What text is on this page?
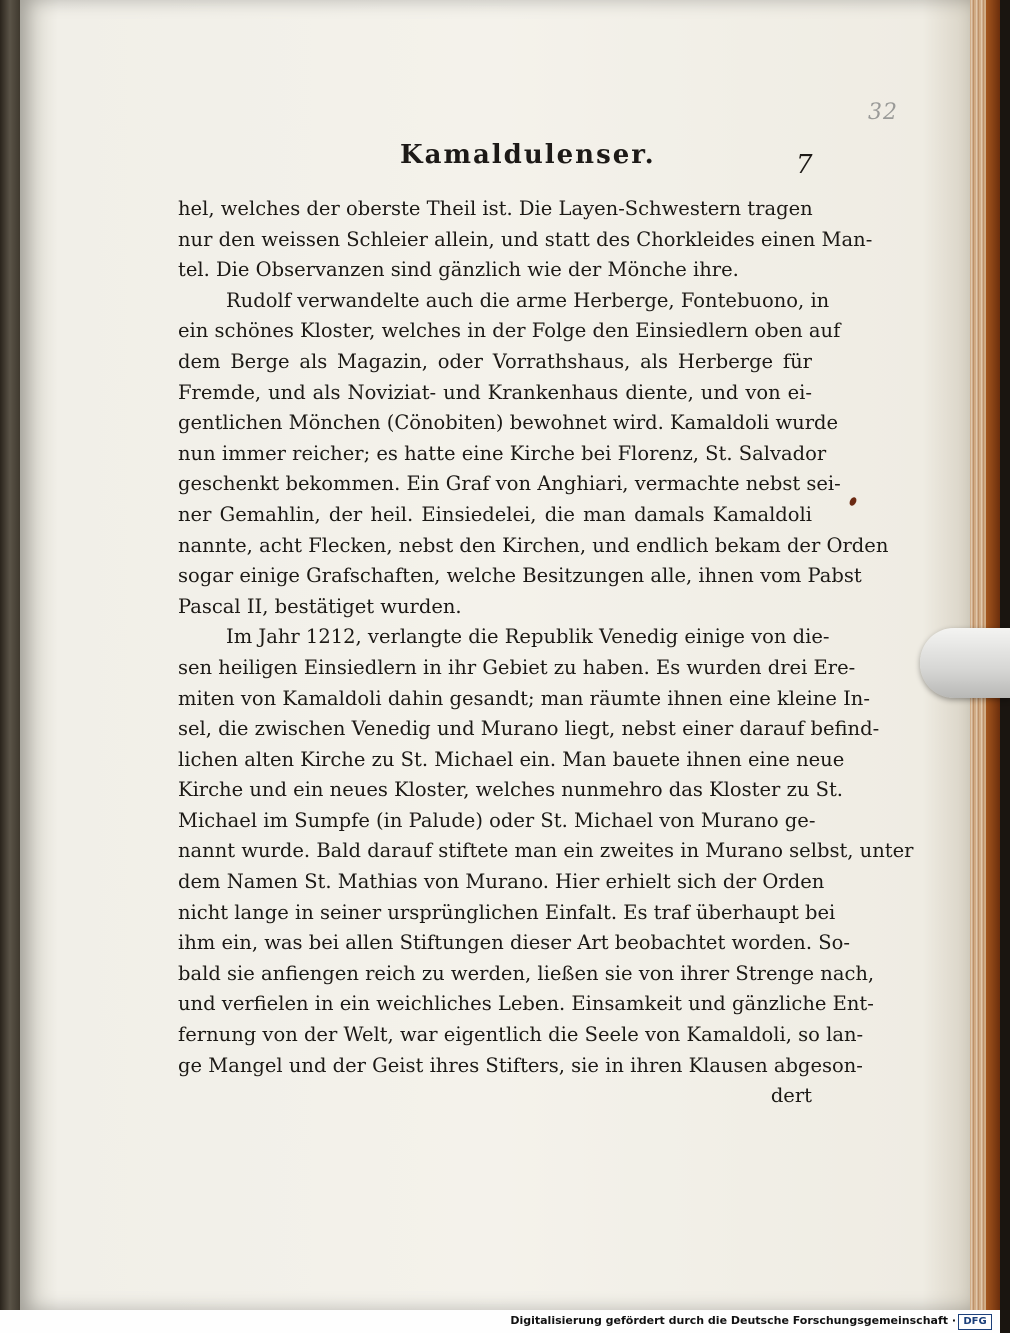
32
Kamaldulenser.	7
hel, welches der oberste Theil ist. Die Layen-Schwestern tragen
nur den weissen Schleier allein, und statt des Chorkleides einen Man-
tel. Die Observanzen sind gänzlich wie der Mönche ihre.
Rudolf verwandelte auch die arme Herberge, Fontebuono, in
ein schönes Kloster, welches in der Folge den Einsiedlern oben auf
dem Berge als Magazin, oder Vorrathshaus, als Herberge für
Fremde, und als Noviziat- und Krankenhaus diente, und von ei-
gentlichen Mönchen (Cönobiten) bewohnet wird. Kamaldoli wurde
nun immer reicher; es hatte eine Kirche bei Florenz, St. Salvador
geschenkt bekommen. Ein Graf von Anghiari, vermachte nebst sei-
ner Gemahlin, der heil. Einsiedelei, die man damals Kamaldoli
nannte, acht Flecken, nebst den Kirchen, und endlich bekam der Orden
sogar einige Grafschaften, welche Besitzungen alle, ihnen vom Pabst
Pascal II, bestätiget wurden.
Im Jahr 1212, verlangte die Republik Venedig einige von die-
sen heiligen Einsiedlern in ihr Gebiet zu haben. Es wurden drei Ere-
miten von Kamaldoli dahin gesandt; man räumte ihnen eine kleine In-
sel, die zwischen Venedig und Murano liegt, nebst einer darauf befind-
lichen alten Kirche zu St. Michael ein. Man bauete ihnen eine neue
Kirche und ein neues Kloster, welches nunmehro das Kloster zu St.
Michael im Sumpfe (in Palude) oder St. Michael von Murano ge-
nannt wurde. Bald darauf stiftete man ein zweites in Murano selbst, unter
dem Namen St. Mathias von Murano. Hier erhielt sich der Orden
nicht lange in seiner ursprünglichen Einfalt. Es traf überhaupt bei
ihm ein, was bei allen Stiftungen dieser Art beobachtet worden. So-
bald sie anfiengen reich zu werden, ließen sie von ihrer Strenge nach,
und verfielen in ein weichliches Leben. Einsamkeit und gänzliche Ent-
fernung von der Welt, war eigentlich die Seele von Kamaldoli, so lan-
ge Mangel und der Geist ihres Stifters, sie in ihren Klausen abgeson-
dert
Digitalisierung gefördert durch die Deutsche Forschungsgemeinschaft · DFG
